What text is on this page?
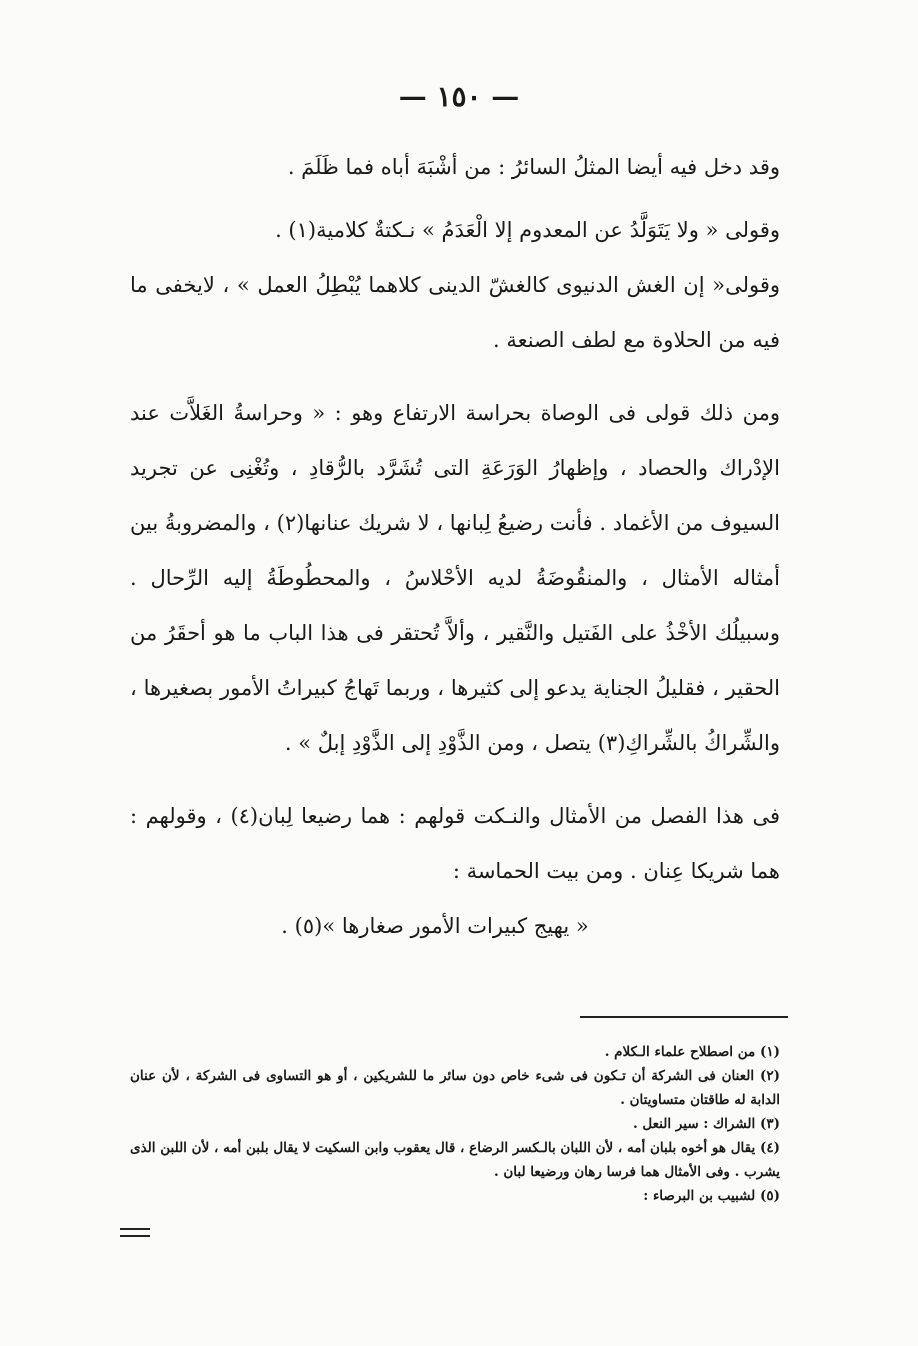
— ١٥٠ —

وقد دخل فيه أيضا المثلُ السائرُ : من أشْبَهَ أباه فما ظَلَمَ .

وقولى « ولا يَتَوَلَّدُ عن المعدوم إلا الْعَدَمُ » نـكتةٌ كلامية(١) .

وقولى« إن الغش الدنيوى كالغشّ الدينى كلاهما يُبْطِلُ العمل » ، لايخفى ما فيه من الحلاوة مع لطف الصنعة .

ومن ذلك قولى فى الوصاة بحراسة الارتفاع وهو : « وحراسةُ الغَلاَّت عند الإدْراك والحصاد ، وإظهارُ الوَرَعَةِ التى تُشَرَّد بالرُّقادِ ، وتُغْنِى عن تجريد السيوف من الأغماد . فأنت رضيعُ لِبانها ، لا شريك عنانها(٢) ، والمضروبةُ بين أمثاله الأمثال ، والمنقُوضَةُ لديه الأحْلاسُ ، والمحطُوطَةُ إليه الرِّحال . وسبيلُك الأخْذُ على الفَتيل والنَّقير ، وألاَّ تُحتقر فى هذا الباب ما هو أحقَرُ من الحقير ، فقليلُ الجناية يدعو إلى كثيرها ، وربما تَهاجُ كبيراتُ الأمور بصغيرها ، والشِّراكُ بالشِّراكِ(٣) يتصل ، ومن الذَّوْدِ إلى الذَّوْدِ إبلٌ » .

فى هذا الفصل من الأمثال والنـكت قولهم : هما رضيعا لِبان(٤) ، وقولهم : هما شريكا عِنان . ومن بيت الحماسة :

« يهيج كبيرات الأمور صغارها »(٥) .

(١) من اصطلاح علماء الـكلام .

(٢) العنان فى الشركة أن تـكون فى شىء خاص دون سائر ما للشريكين ، أو هو التساوى فى الشركة ، لأن عنان الدابة له طاقتان متساويتان .

(٣) الشراك : سير النعل .

(٤) يقال هو أخوه بلبان أمه ، لأن اللبان بالـكسر الرضاع ، قال يعقوب وابن السكيت لا يقال بلبن أمه ، لأن اللبن الذى يشرب . وفى الأمثال هما فرسا رهان ورضيعا لبان .

(٥) لشبيب بن البرصاء :
